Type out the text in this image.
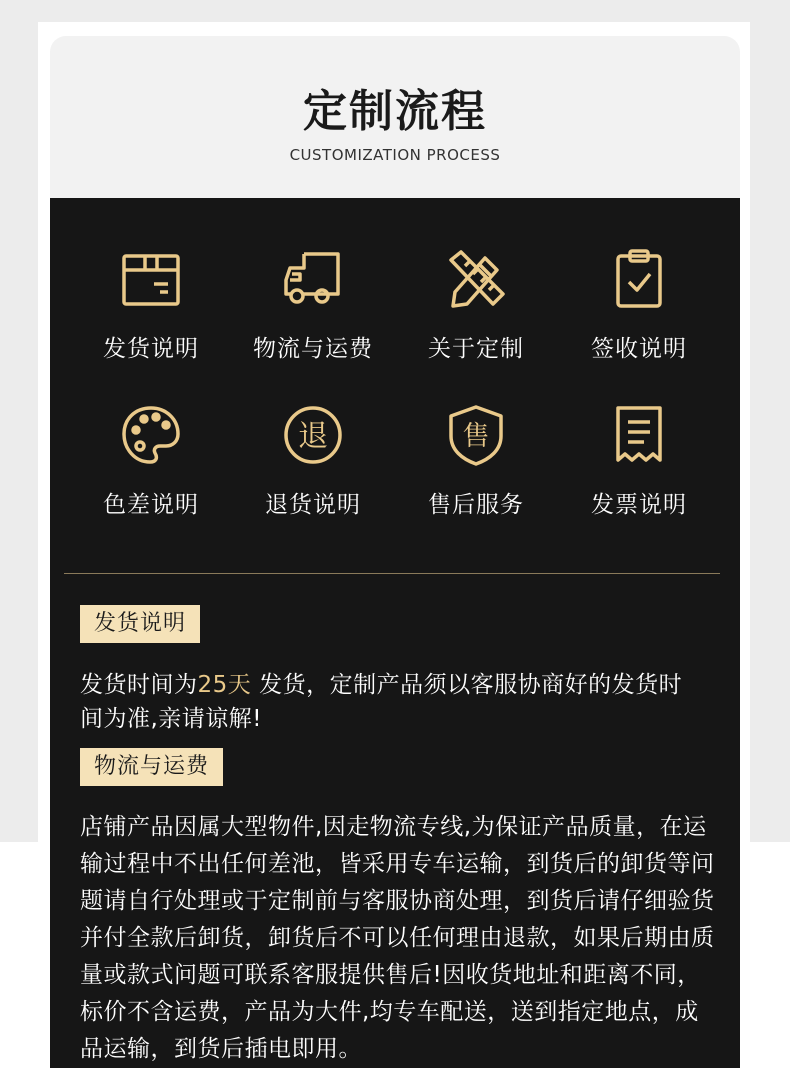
定制流程
CUSTOMIZATION PROCESS
发货说明	物流与运费	关于定制	签收说明
色差说明
退
退货说明
售
售后服务	发票说明
发货说明
发货时间为25天 发货，定制产品须以客服协商好的发货时间为准,亲请谅解!
物流与运费
店铺产品因属大型物件,因走物流专线,为保证产品质量，在运输过程中不出任何差池，皆采用专车运输，到货后的卸货等问题请自行处理或于定制前与客服协商处理，到货后请仔细验货并付全款后卸货，卸货后不可以任何理由退款，如果后期由质量或款式问题可联系客服提供售后!因收货地址和距离不同，标价不含运费，产品为大件,均专车配送，送到指定地点，成品运输，到货后插电即用。
